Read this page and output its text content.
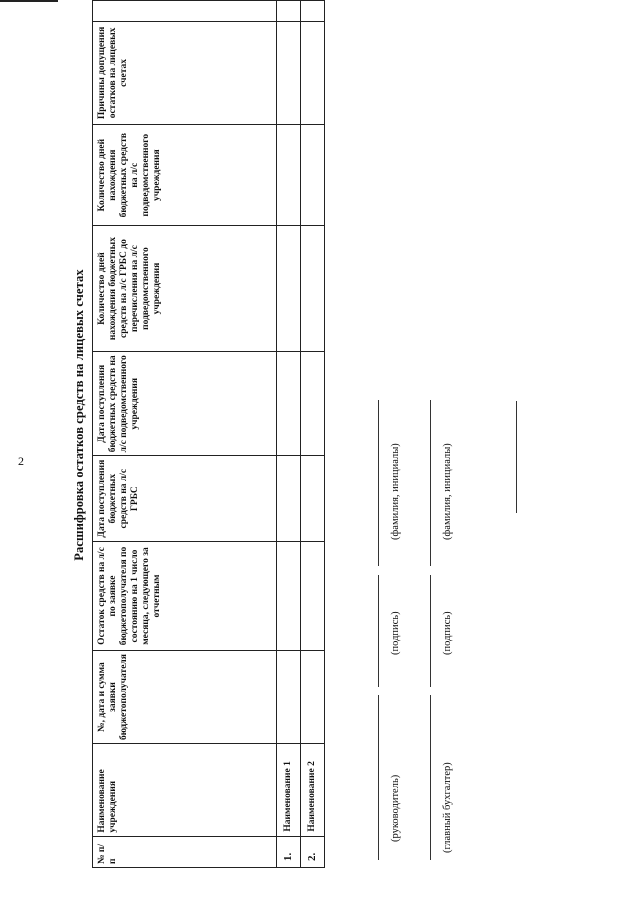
Расшифровка остатков средств на лицевых счетах
№ п/п	Наименование учреждения	№, дата и сумма заявки бюджетополучателя	Остаток средств на л/с по заявке бюджетополучателя по состоянию на 1 число месяца, следующего за отчетным	Дата поступления бюджетных средств на л/с ГРБС	Дата поступления бюджетных средств на л/с подведомственного учреждения	Количество дней нахождения бюджетных средств на л/с ГРБС до перечисления на л/с подведомственного учреждения	Количество дней нахождения бюджетных средств на л/с подведомственного учреждения	Причины допущения остатков на лицевых счетах	
1.	Наименование 1								
2.	Наименование 2									(руководитель)
(подпись)
(фамилия, инициалы)
(главный бухгалтер)
(подпись)
(фамилия, инициалы)
2
